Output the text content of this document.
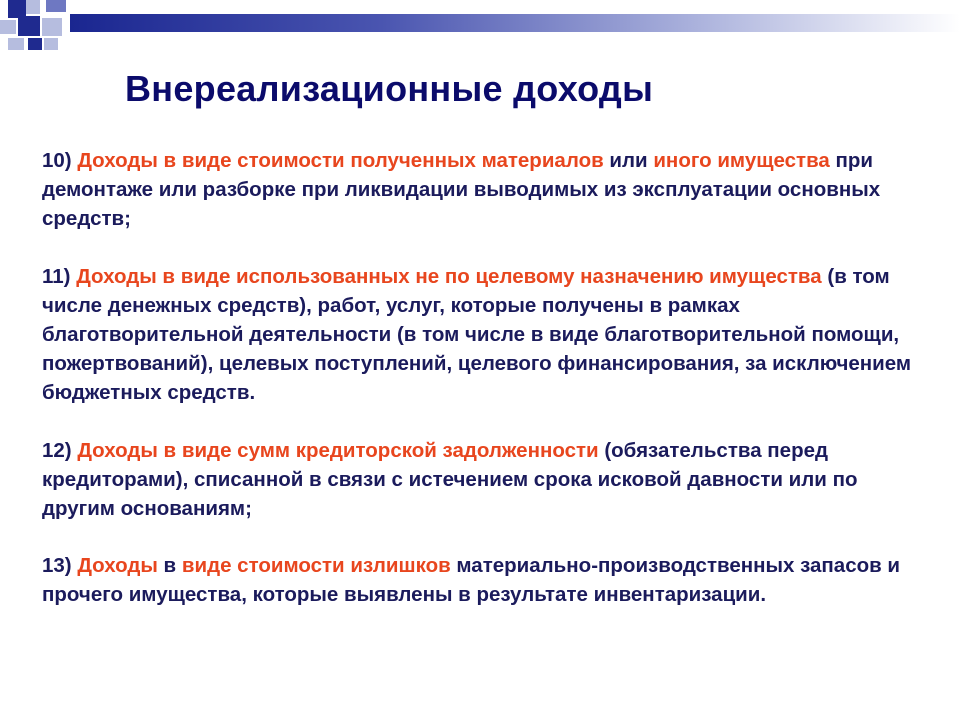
Внереализационные доходы

10) Доходы в виде стоимости полученных материалов или иного имущества при демонтаже или разборке при ликвидации выводимых из эксплуатации основных средств;

11) Доходы в виде использованных не по целевому назначению имущества (в том числе денежных средств), работ, услуг, которые получены в рамках благотворительной деятельности (в том числе в виде благотворительной помощи, пожертвований), целевых поступлений, целевого финансирования, за исключением бюджетных средств.

12) Доходы в виде сумм кредиторской задолженности (обязательства перед кредиторами), списанной в связи с истечением срока исковой давности или по другим основаниям;

13) Доходы в виде стоимости излишков материально-производственных запасов и прочего имущества, которые выявлены в результате инвентаризации.
